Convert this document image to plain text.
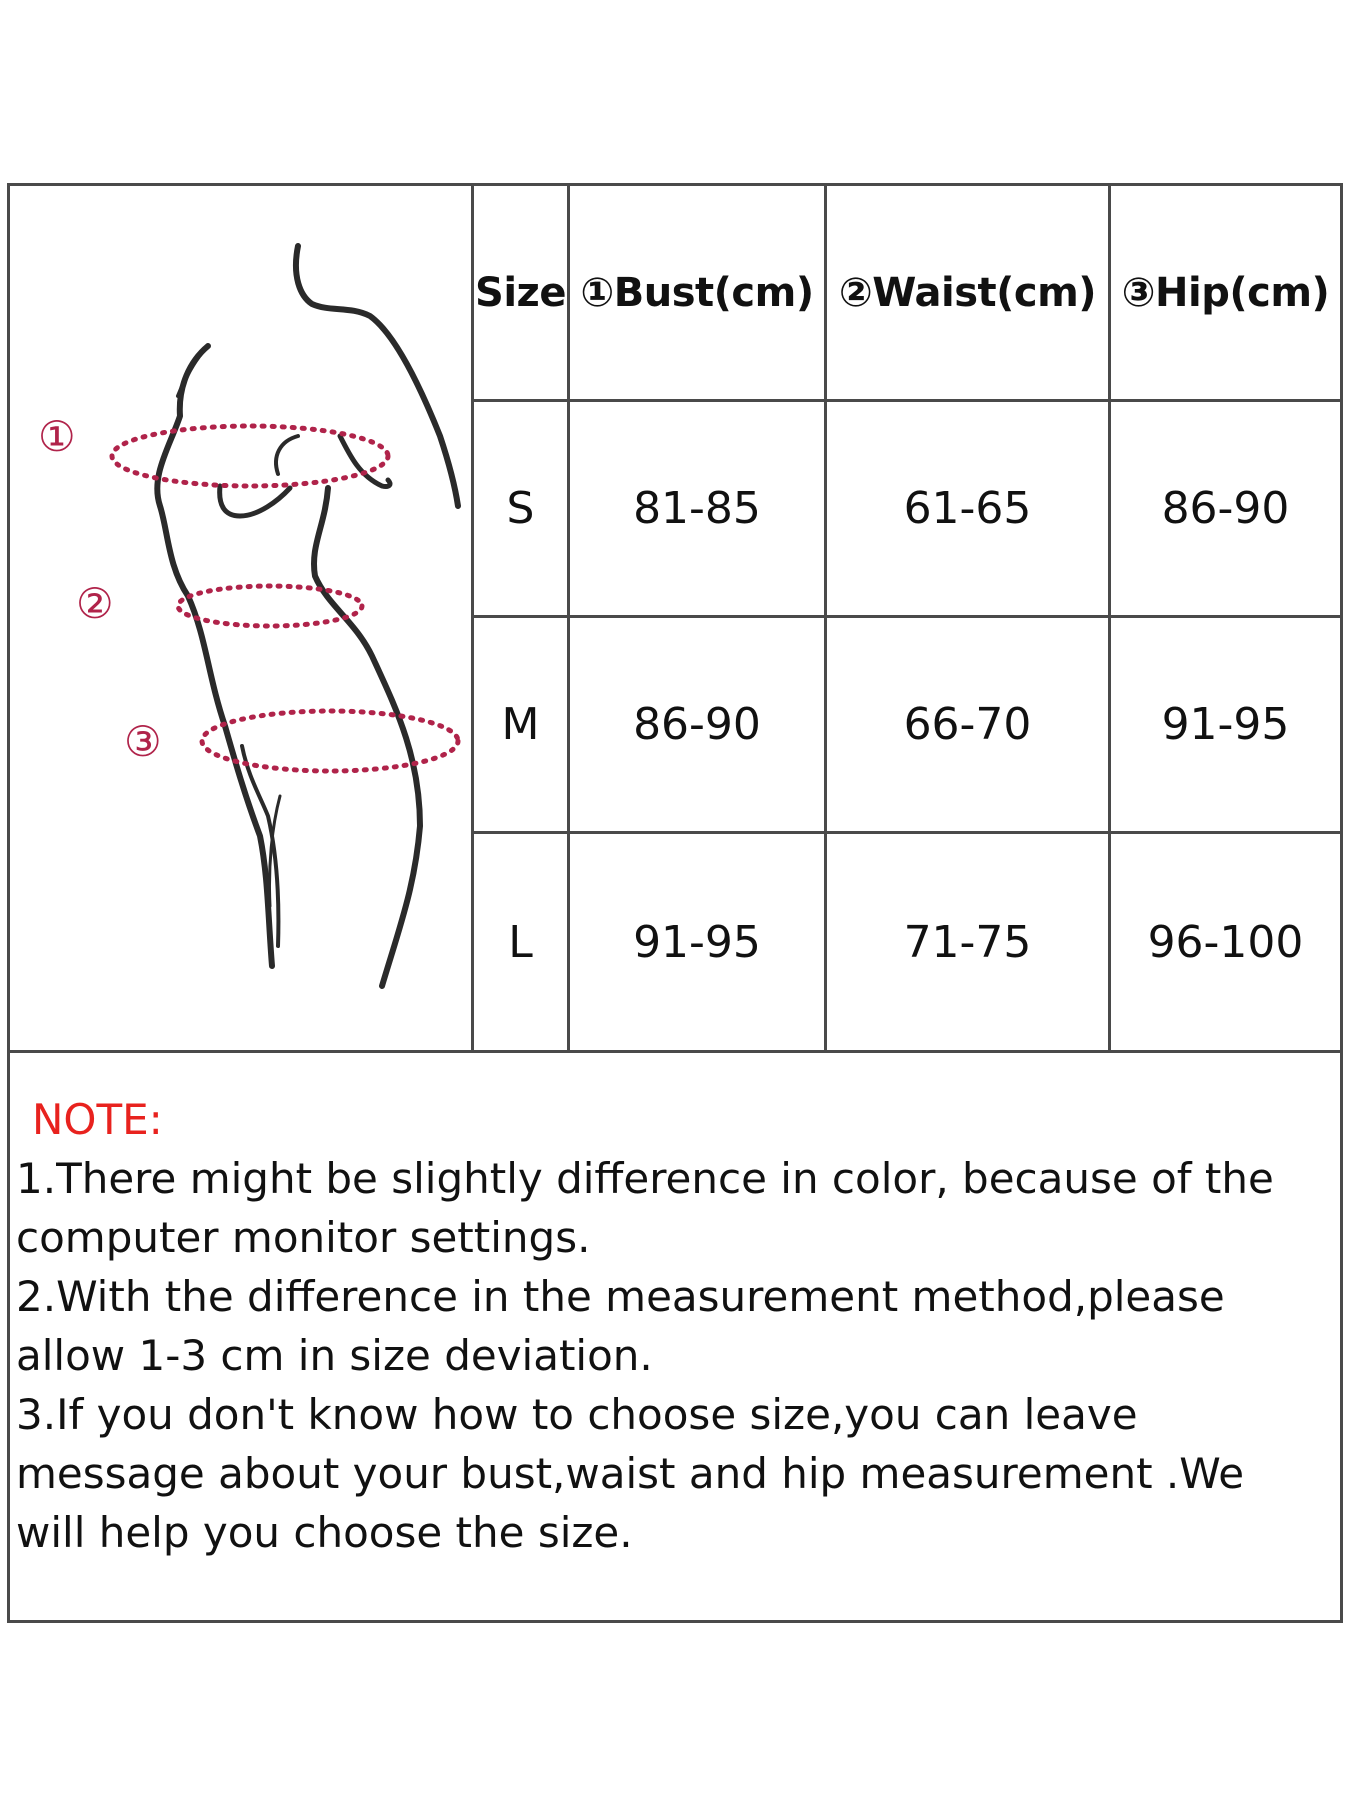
①
②
③
Size ①Bust(cm) ②Waist(cm) ③Hip(cm)
S	81-85	61-65	86-90
M	86-90	66-70	91-95
L	91-95	71-75	96-100
NOTE:
1.There might be slightly difference in color, because of the
computer monitor settings.
2.With the difference in the measurement method,please
allow 1-3 cm in size deviation.
3.If you don't know how to choose size,you can leave
message about your bust,waist and hip measurement .We
will help you choose the size.
